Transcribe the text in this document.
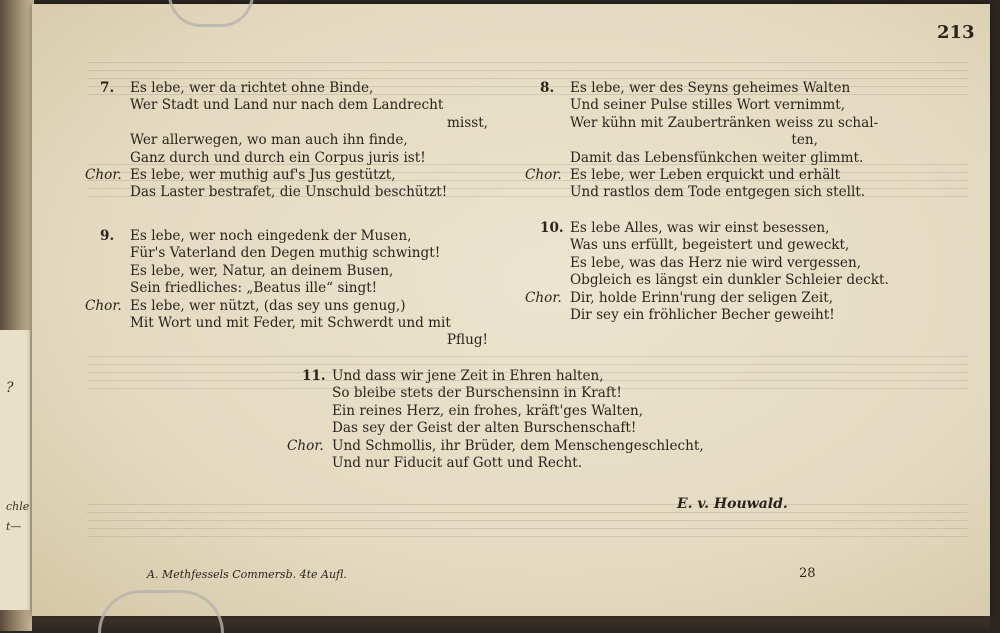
?
chle
t—
213
7. Es lebe, wer da richtet ohne Binde,
Wer Stadt und Land nur nach dem Landrecht
misst,
Wer allerwegen, wo man auch ihn finde,
Ganz durch und durch ein Corpus juris ist!
Chor. Es lebe, wer muthig auf's Jus gestützt,
Das Laster bestrafet, die Unschuld beschützt!
8. Es lebe, wer des Seyns geheimes Walten
Und seiner Pulse stilles Wort vernimmt,
Wer kühn mit Zaubertränken weiss zu schal-
ten,
Damit das Lebensfünkchen weiter glimmt.
Chor. Es lebe, wer Leben erquickt und erhält
Und rastlos dem Tode entgegen sich stellt.
9. Es lebe, wer noch eingedenk der Musen,
Für's Vaterland den Degen muthig schwingt!
Es lebe, wer, Natur, an deinem Busen,
Sein friedliches: „Beatus ille“ singt!
Chor. Es lebe, wer nützt, (das sey uns genug,)
Mit Wort und mit Feder, mit Schwerdt und mit
Pflug!
10. Es lebe Alles, was wir einst besessen,
Was uns erfüllt, begeistert und geweckt,
Es lebe, was das Herz nie wird vergessen,
Obgleich es längst ein dunkler Schleier deckt.
Chor. Dir, holde Erinn'rung der seligen Zeit,
Dir sey ein fröhlicher Becher geweiht!
11. Und dass wir jene Zeit in Ehren halten,
So bleibe stets der Burschensinn in Kraft!
Ein reines Herz, ein frohes, kräft'ges Walten,
Das sey der Geist der alten Burschenschaft!
Chor. Und Schmollis, ihr Brüder, dem Menschengeschlecht,
Und nur Fiducit auf Gott und Recht.
E. v. Houwald.
A. Methfessels Commersb. 4te Aufl.	28
